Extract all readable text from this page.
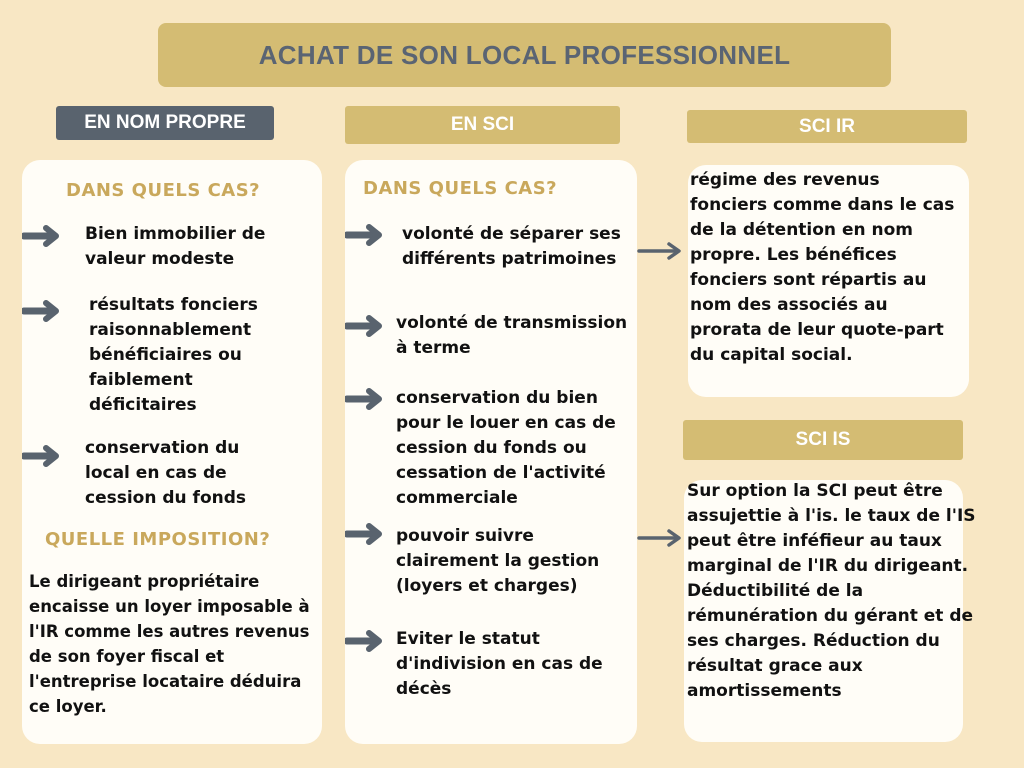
ACHAT DE SON LOCAL PROFESSIONNEL
EN NOM PROPRE	EN SCI	SCI IR
SCI IS
DANS QUELS CAS?
Bien immobilier de valeur modeste
résultats fonciers raisonnablement bénéficiaires ou faiblement déficitaires
conservation du local en cas de cession du fonds
QUELLE IMPOSITION?
Le dirigeant propriétaire encaisse un loyer imposable à l'IR comme les autres revenus de son foyer fiscal et l'entreprise locataire déduira ce loyer.
DANS QUELS CAS?
volonté de séparer ses différents patrimoines
volonté de transmission à terme
conservation du bien pour le louer en cas de cession du fonds ou cessation de l'activité commerciale
pouvoir suivre clairement la gestion (loyers et charges)
Eviter le statut d'indivision en cas de décès
régime des revenus fonciers comme dans le cas de la détention en nom propre. Les bénéfices fonciers sont répartis au nom des associés au prorata de leur quote-part du capital social.
Sur option la SCI peut être assujettie à l'is. le taux de l'IS peut être inféfieur au taux marginal de l'IR du dirigeant. Déductibilité de la rémunération du gérant et de ses charges. Réduction du résultat grace aux amortissements
